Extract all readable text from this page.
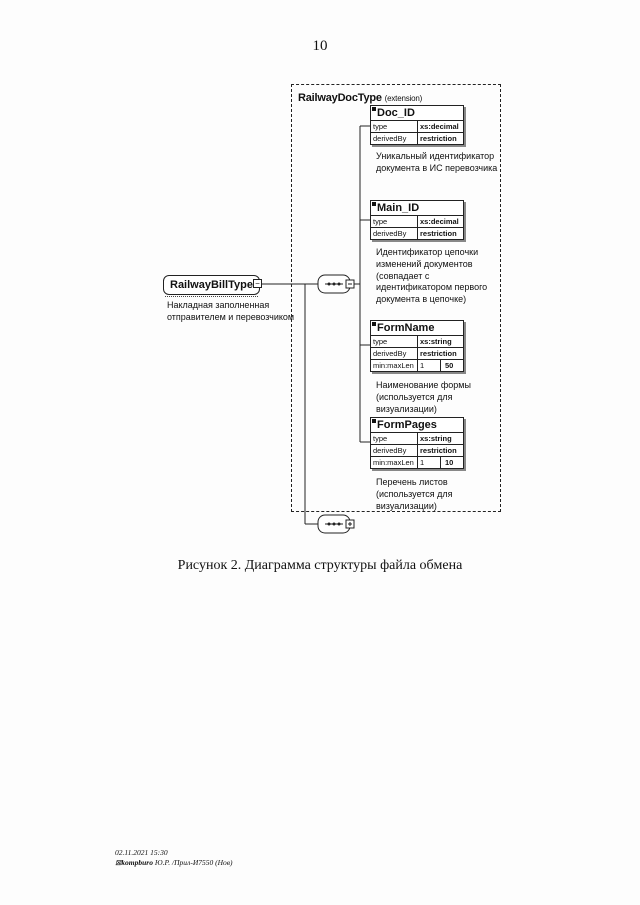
10
RailwayDocType (extension)
RailwayBillType −
Накладная заполненная отправителем и перевозчиком
Doc_ID
type	xs:decimal
derivedBy	restriction
Уникальный идентификатор документа в ИС перевозчика
Main_ID
type	xs:decimal
derivedBy	restriction
Идентификатор цепочки изменений документов (совпадает с идентификатором первого документа в цепочке)
FormName
type	xs:string
derivedBy	restriction
min:maxLen 1	50
Наименование формы (используется для визуализации)
FormPages
type	xs:string
derivedBy	restriction
min:maxLen 1	10
Перечень листов (используется для визуализации)
Рисунок 2. Диаграмма структуры файла обмена
02.11.2021 15:30
⊠kompburo Ю.Р. /Прил-И7550 (Нов)
